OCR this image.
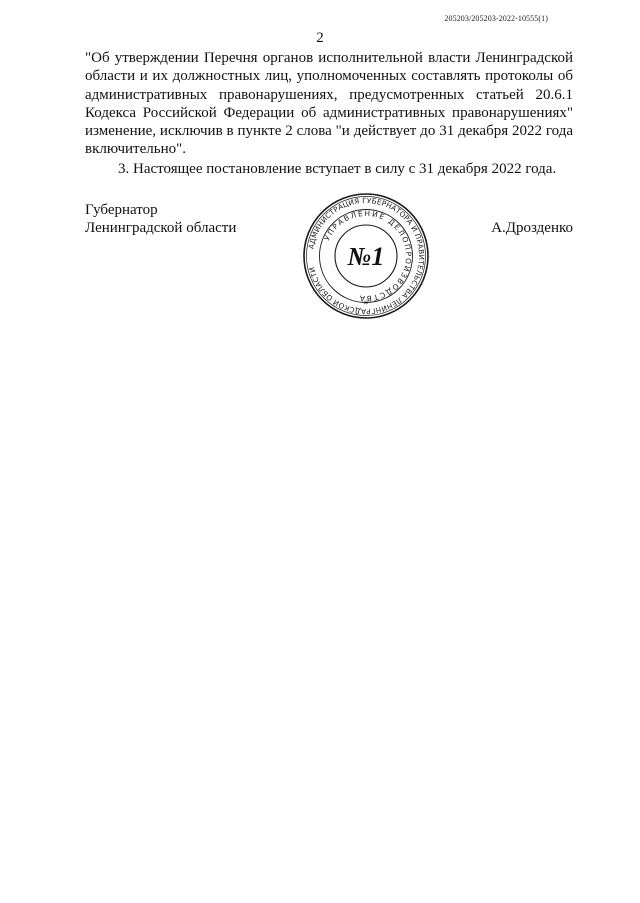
205203/205203-2022-10555(1)
2

"Об утверждении Перечня органов исполнительной власти Ленинградской области и их должностных лиц, уполномоченных составлять протоколы об административных правонарушениях, предусмотренных статьей 20.6.1 Кодекса Российской Федерации об административных правонарушениях" изменение, исключив в пункте 2 слова "и действует до 31 декабря 2022 года включительно".

3. Настоящее постановление вступает в силу с 31 декабря 2022 года.

Губернатор
Ленинградской области	А.Дрозденко
АДМИНИСТРАЦИЯ ГУБЕРНАТОРА И ПРАВИТЕЛЬСТВА ЛЕНИНГРАДСКОЙ ОБЛАСТИ
УПРАВЛЕНИЕ ДЕЛОПРОИЗВОДСТВА
№1
*
